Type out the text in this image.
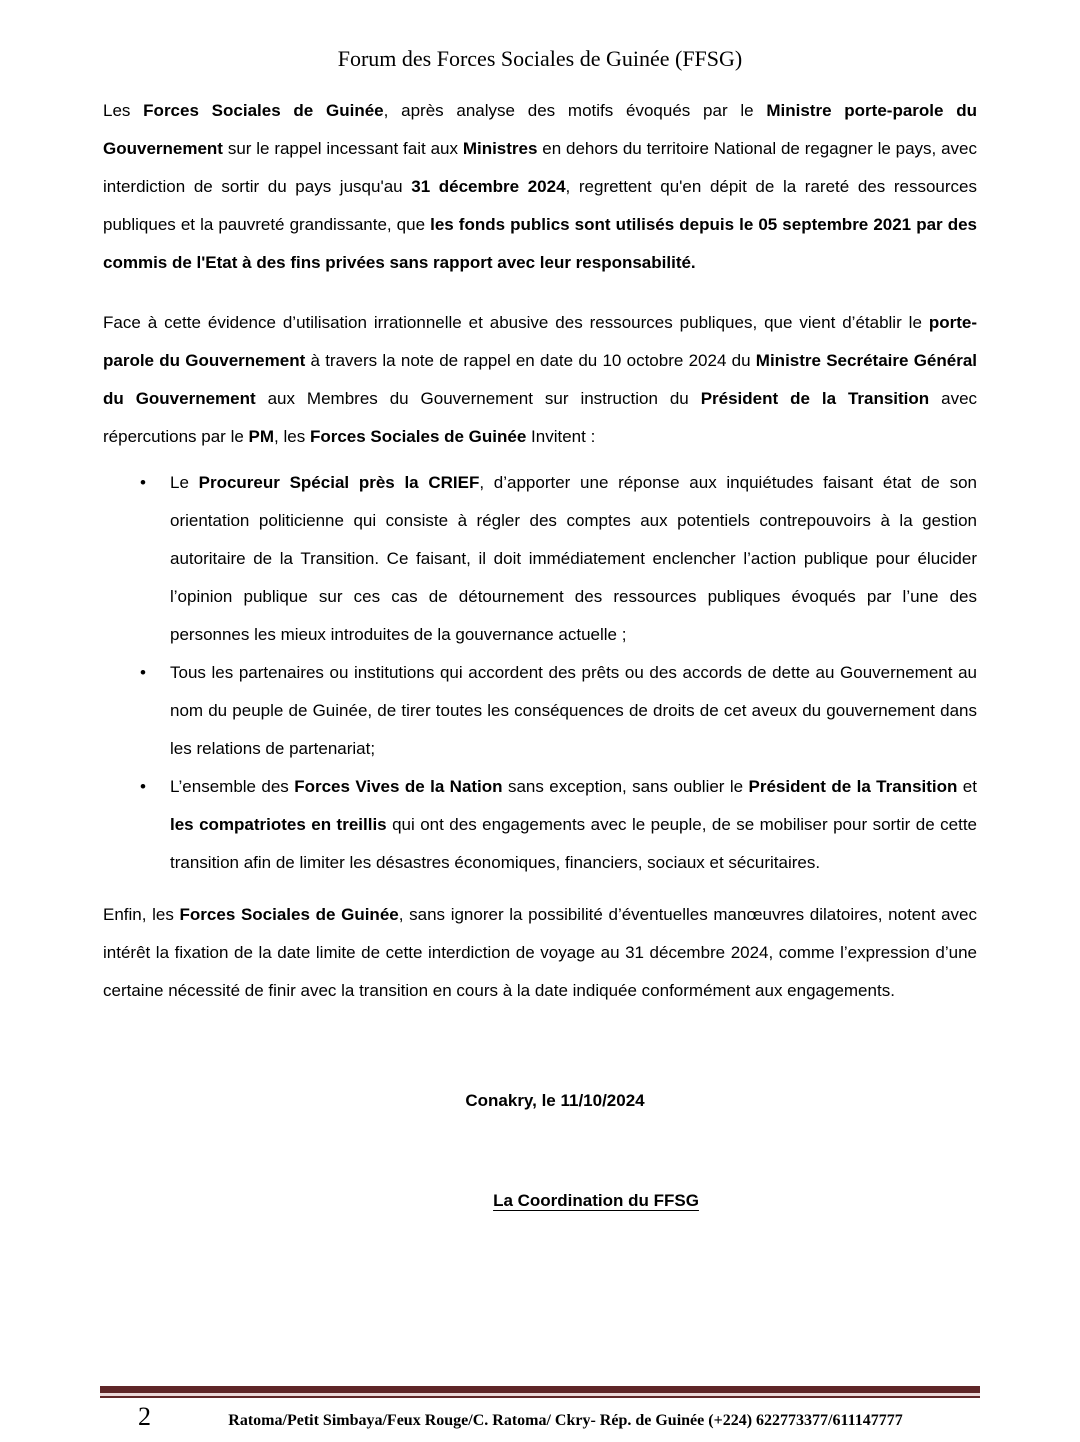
Forum des Forces Sociales de Guinée (FFSG)

Les Forces Sociales de Guinée, après analyse des motifs évoqués par le Ministre porte-parole du Gouvernement sur le rappel incessant fait aux Ministres en dehors du territoire National de regagner le pays, avec interdiction de sortir du pays jusqu'au 31 décembre 2024, regrettent qu'en dépit de la rareté des ressources publiques et la pauvreté grandissante, que les fonds publics sont utilisés depuis le 05 septembre 2021 par des commis de l'Etat à des fins privées sans rapport avec leur responsabilité.

Face à cette évidence d’utilisation irrationnelle et abusive des ressources publiques, que vient d’établir le porte-parole du Gouvernement à travers la note de rappel en date du 10 octobre 2024 du Ministre Secrétaire Général du Gouvernement aux Membres du Gouvernement sur instruction du Président de la Transition avec répercutions par le PM, les Forces Sociales de Guinée Invitent :

•	Le Procureur Spécial près la CRIEF, d’apporter une réponse aux inquiétudes faisant état de son orientation politicienne qui consiste à régler des comptes aux potentiels contrepouvoirs à la gestion autoritaire de la Transition. Ce faisant, il doit immédiatement enclencher l’action publique pour élucider l’opinion publique sur ces cas de détournement des ressources publiques évoqués par l’une des personnes les mieux introduites de la gouvernance actuelle ;
•	Tous les partenaires ou institutions qui accordent des prêts ou des accords de dette au Gouvernement au nom du peuple de Guinée, de tirer toutes les conséquences de droits de cet aveux du gouvernement dans les relations de partenariat;
•	L’ensemble des Forces Vives de la Nation sans exception, sans oublier le Président de la Transition et les compatriotes en treillis qui ont des engagements avec le peuple, de se mobiliser pour sortir de cette transition afin de limiter les désastres économiques, financiers, sociaux et sécuritaires.

Enfin, les Forces Sociales de Guinée, sans ignorer la possibilité d’éventuelles manœuvres dilatoires, notent avec intérêt la fixation de la date limite de cette interdiction de voyage au 31 décembre 2024, comme l’expression d’une certaine nécessité de finir avec la transition en cours à la date indiquée conformément aux engagements.

Conakry, le 11/10/2024
La Coordination du FFSG
2	Ratoma/Petit Simbaya/Feux Rouge/C. Ratoma/ Ckry- Rép. de Guinée (+224) 622773377/611147777
